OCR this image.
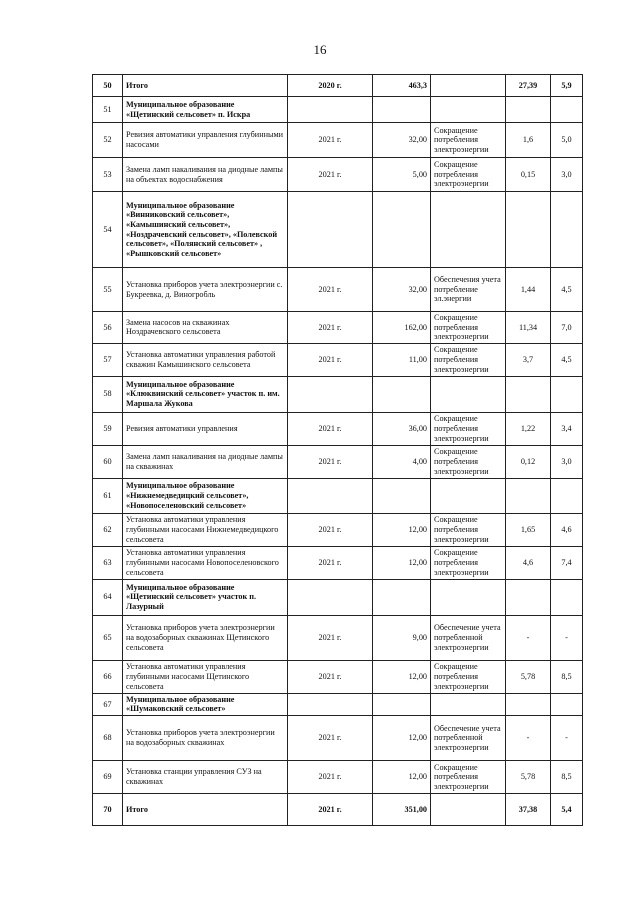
16
50	Итого	2020 г.	463,3		27,39	5,9
51	Муниципальное образование «Щетинский сельсовет» п. Искра					
52	Ревизия автоматики управления глубинными насосами	2021 г.	32,00	Сокращение потребления электроэнергии	1,6	5,0
53	Замена ламп накаливания на диодные лампы на объектах водоснабжения	2021 г.	5,00	Сокращение потребления электроэнергии	0,15	3,0
54	Муниципальное образование «Винниковский сельсовет», «Камышинский сельсовет», «Ноздрачевский сельсовет», «Полевской сельсовет», «Полянский сельсовет» , «Рышковский сельсовет»					
55	Установка приборов учета электроэнергии с. Букреевка, д. Виногробль	2021 г.	32,00	Обеспечения учета потребление эл.энергии	1,44	4,5
56	Замена насосов на скважинах Ноздрачевского сельсовета	2021 г.	162,00	Сокращение потребления электроэнергии	11,34	7,0
57	Установка автоматики управления работой скважин Камышинского сельсовета	2021 г.	11,00	Сокращение потребления электроэнергии	3,7	4,5
58	Муниципальное образование «Клюквинский сельсовет» участок п. им. Маршала Жукова					
59	Ревизия автоматики управления	2021 г.	36,00	Сокращение потребления электроэнергии	1,22	3,4
60	Замена ламп накаливания на диодные лампы на скважинах	2021 г.	4,00	Сокращение потребления электроэнергии	0,12	3,0
61	Муниципальное образование «Нижнемедведицкий сельсовет», «Новопоселеновский сельсовет»					
62	Установка автоматики управления глубинными насосами Нижнемедведицкого сельсовета	2021 г.	12,00	Сокращение потребления электроэнергии	1,65	4,6
63	Установка автоматики управления глубинными насосами Новопоселеновского сельсовета	2021 г.	12,00	Сокращение потребления электроэнергии	4,6	7,4
64	Муниципальное образование «Щетинский сельсовет» участок п. Лазурный					
65	Установка приборов учета электроэнергии на водозаборных скважинах Щетинского сельсовета	2021 г.	9,00	Обеспечение учета потребленной электроэнергии	-	-
66	Установка автоматики управления глубинными насосами Щетинского сельсовета	2021 г.	12,00	Сокращение потребления электроэнергии	5,78	8,5
67	Муниципальное образование «Шумаковский сельсовет»					
68	Установка приборов учета электроэнергии на водозаборных скважинах	2021 г.	12,00	Обеспечение учета потребленной электроэнергии	-	-
69	Установка станции управления СУЗ на скважинах	2021 г.	12,00	Сокращение потребления электроэнергии	5,78	8,5
70	Итого	2021 г.	351,00		37,38	5,4
